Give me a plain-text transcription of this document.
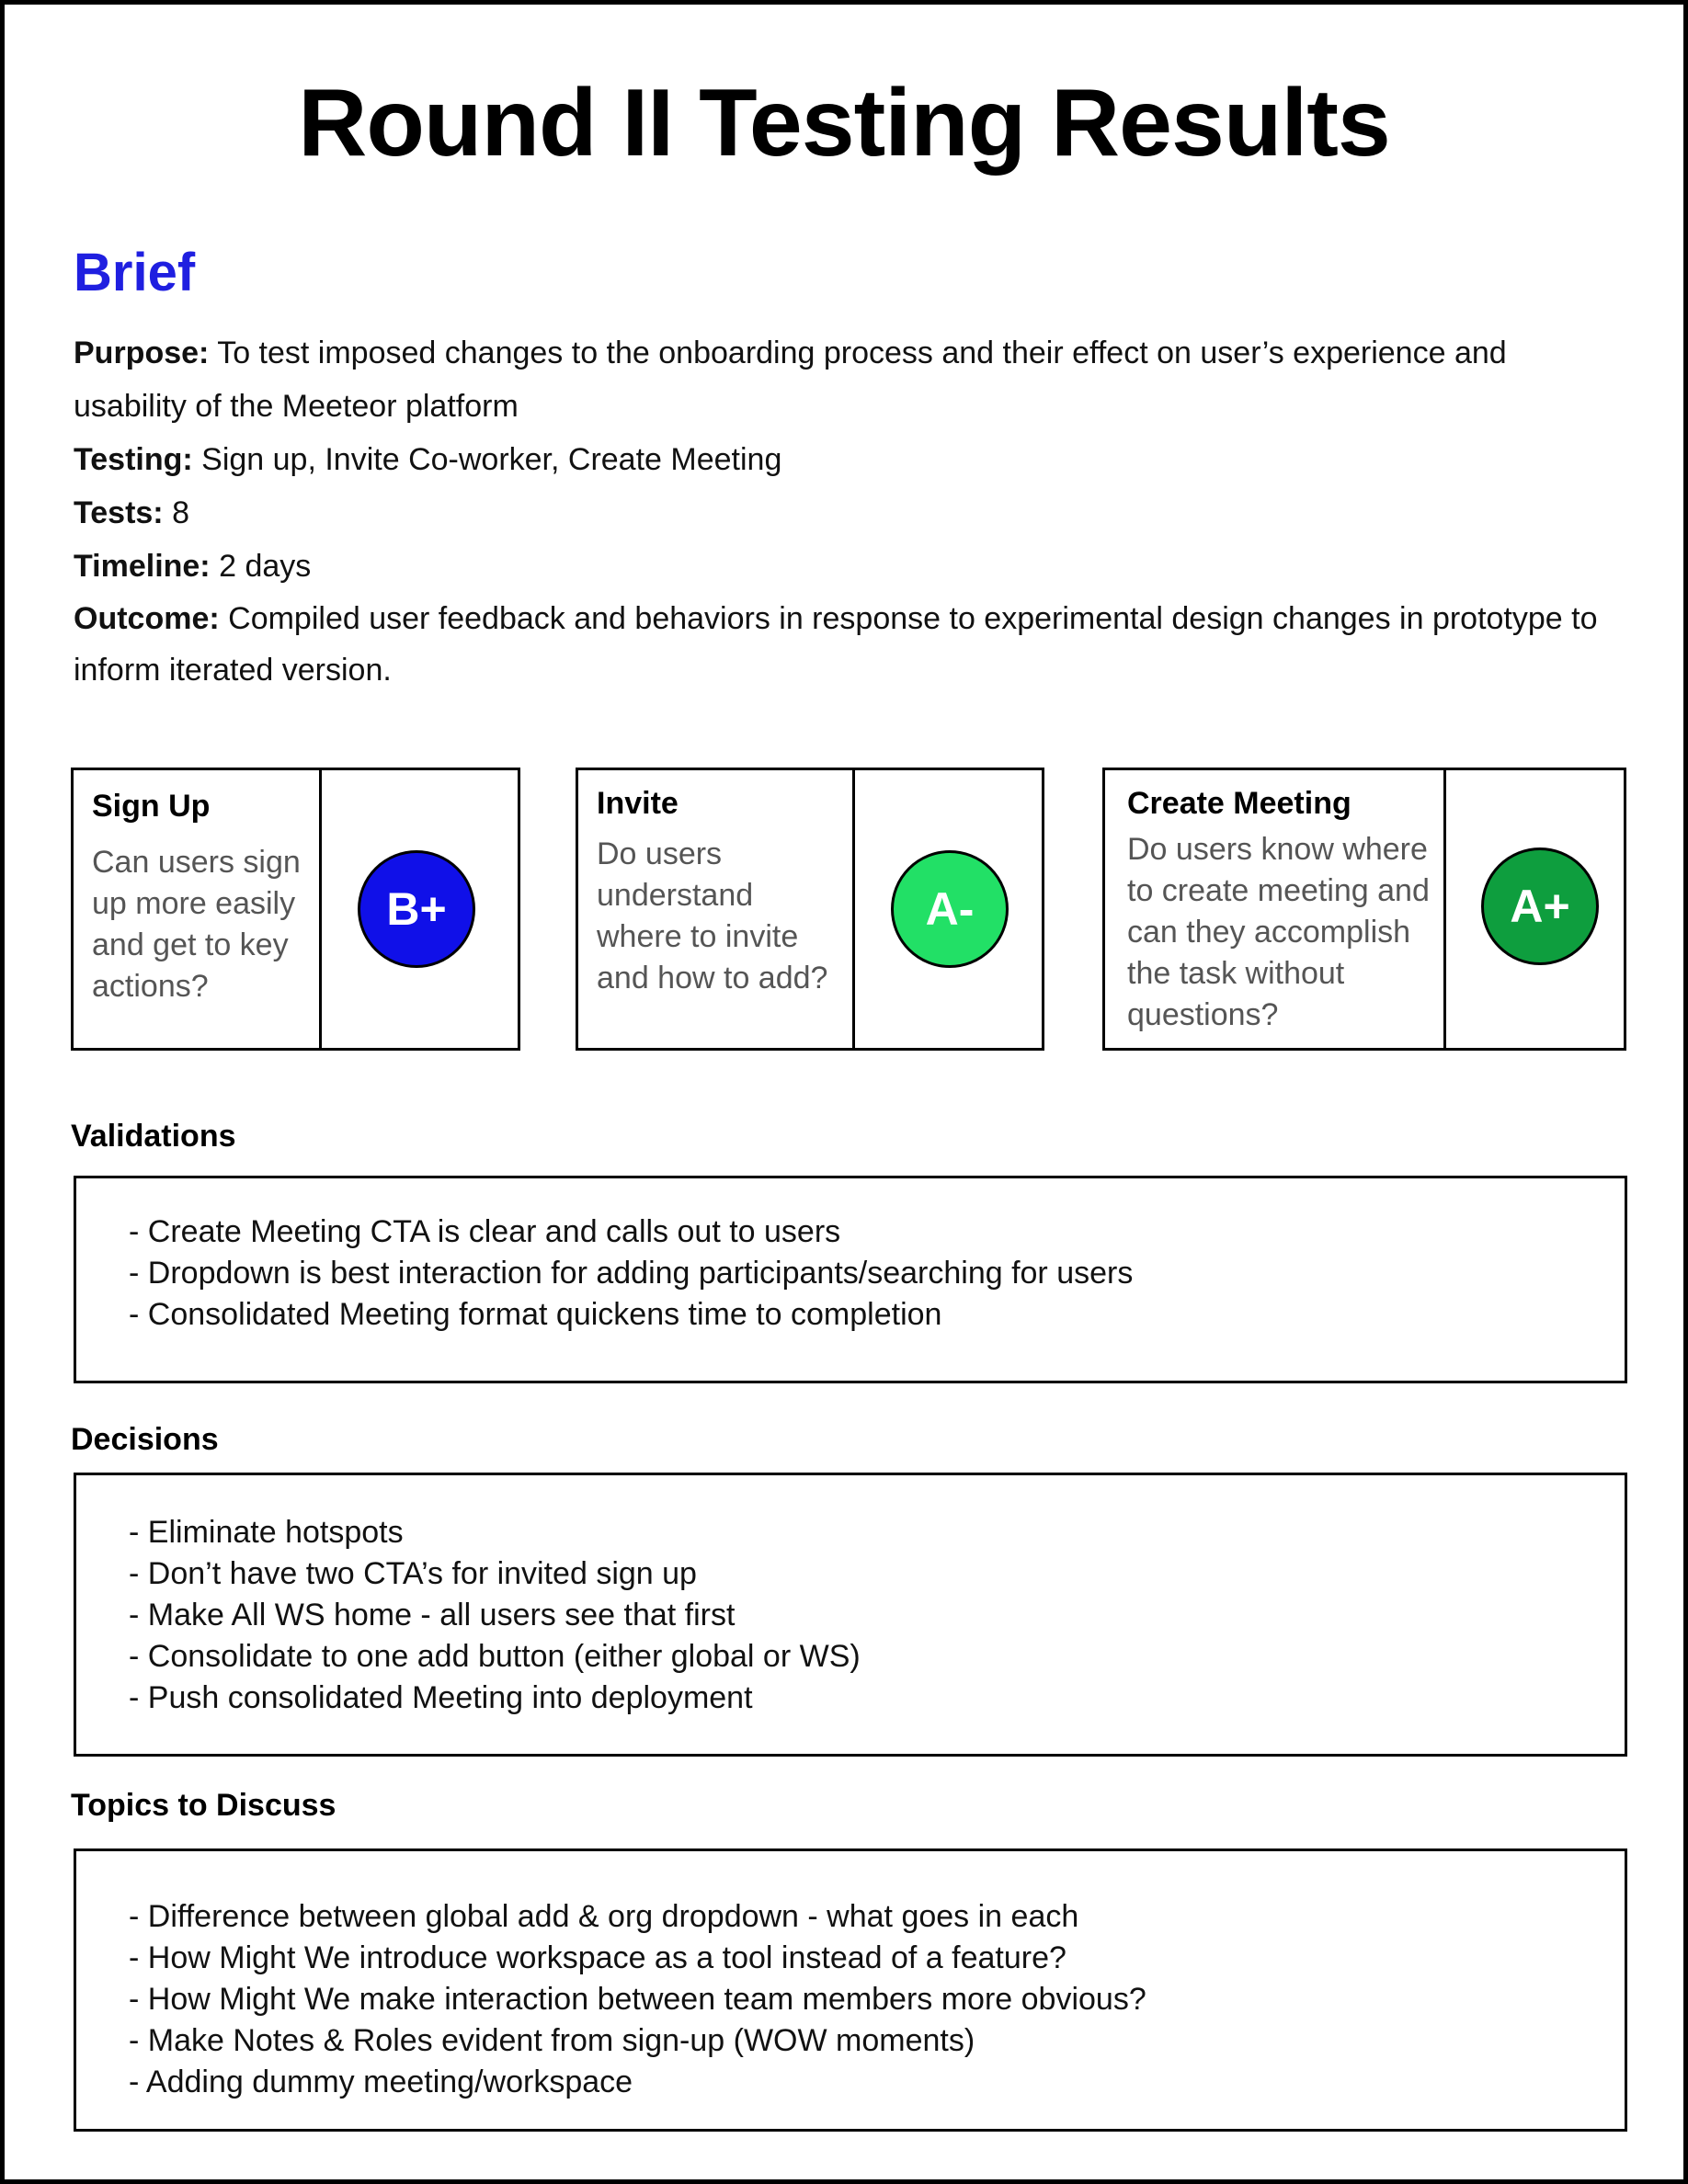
Round II Testing Results
Brief

Purpose: To test imposed changes to the onboarding process and their effect on user’s experience and usability of the Meeteor platform

Testing: Sign up, Invite Co-worker, Create Meeting

Tests: 8

Timeline: 2 days

Outcome: Compiled user feedback and behaviors in response to experimental design changes in prototype to inform iterated version.

Sign Up
Can users sign up more easily and get to key actions?
B+
Invite
Do users understand where to invite and how to add?
A-
Create Meeting
Do users know where to create meeting and can they accomplish the task without questions?
A+
Validations
- Create Meeting CTA is clear and calls out to users
- Dropdown is best interaction for adding participants/searching for users
- Consolidated Meeting format quickens time to completion
Decisions
- Eliminate hotspots
- Don’t have two CTA’s for invited sign up
- Make All WS home - all users see that first
- Consolidate to one add button (either global or WS)
- Push consolidated Meeting into deployment
Topics to Discuss
- Difference between global add & org dropdown - what goes in each
- How Might We introduce workspace as a tool instead of a feature?
- How Might We make interaction between team members more obvious?
- Make Notes & Roles evident from sign-up (WOW moments)
- Adding dummy meeting/workspace
